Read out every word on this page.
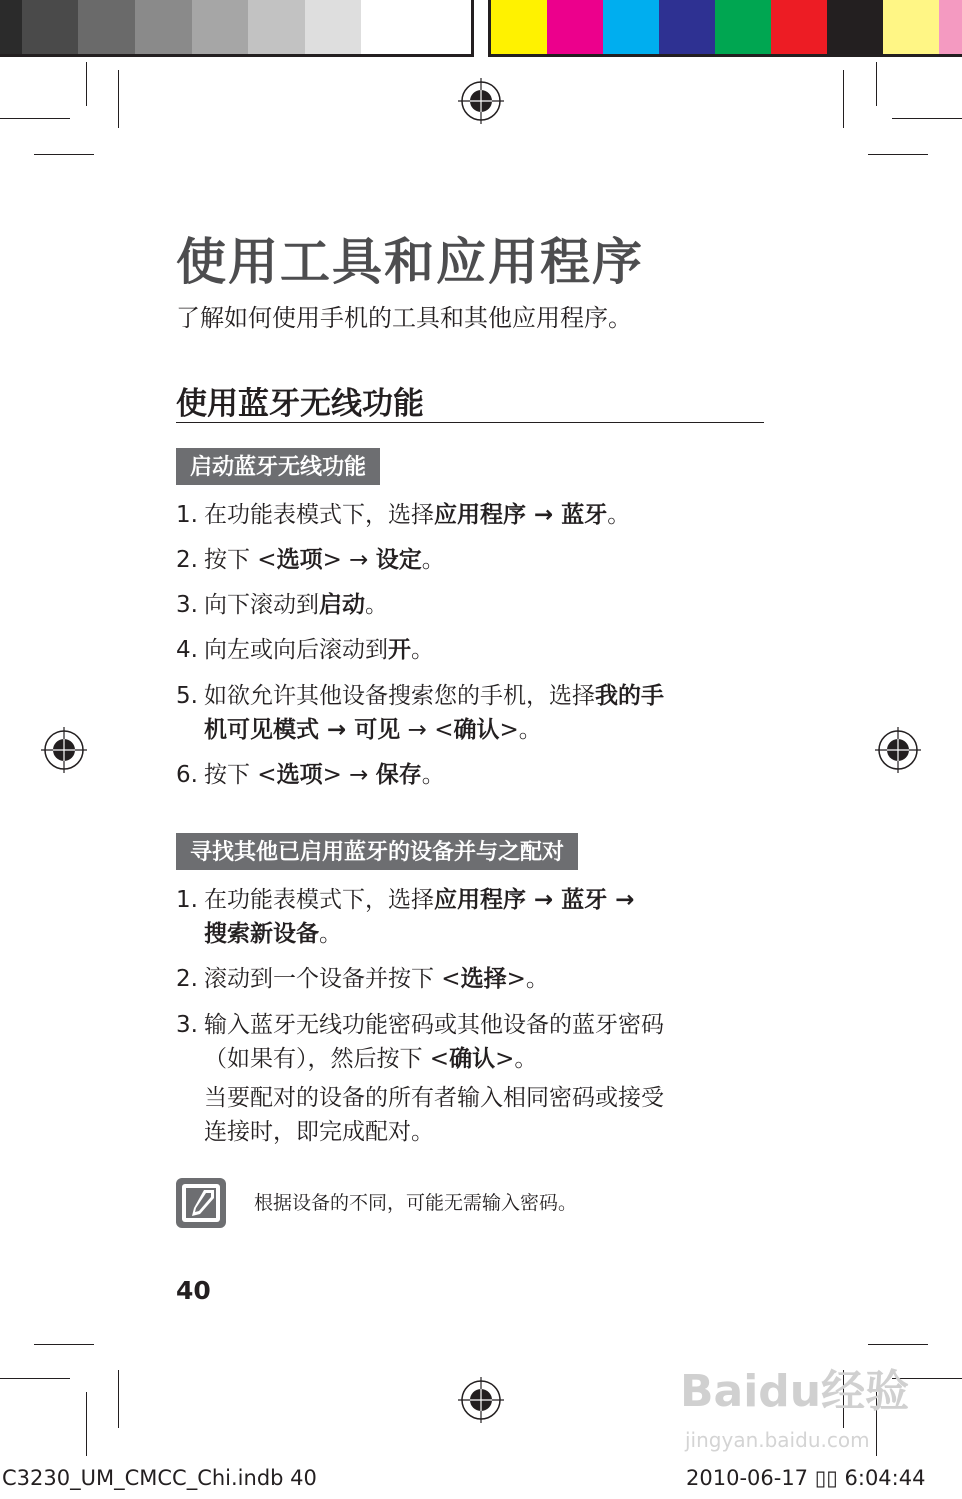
使用工具和应用程序
了解如何使用手机的工具和其他应用程序。
使用蓝牙无线功能
启动蓝牙无线功能
1. 在功能表模式下，选择应用程序 → 蓝牙。
2. 按下 <选项> → 设定。
3. 向下滚动到启动。
4. 向左或向后滚动到开。
5. 如欲允许其他设备搜索您的手机，选择我的手
机可见模式 → 可见 → <确认>。
6. 按下 <选项> → 保存。
寻找其他已启用蓝牙的设备并与之配对
1. 在功能表模式下，选择应用程序 → 蓝牙 →
搜索新设备。
2. 滚动到一个设备并按下 <选择>。
3. 输入蓝牙无线功能密码或其他设备的蓝牙密码
（如果有），然后按下 <确认>。
当要配对的设备的所有者输入相同密码或接受
连接时，即完成配对。
根据设备的不同，可能无需输入密码。
40
Baidu经验
jingyan.baidu.com
C3230_UM_CMCC_Chi.indb 40	2010-06-17 ▯▯ 6:04:44
